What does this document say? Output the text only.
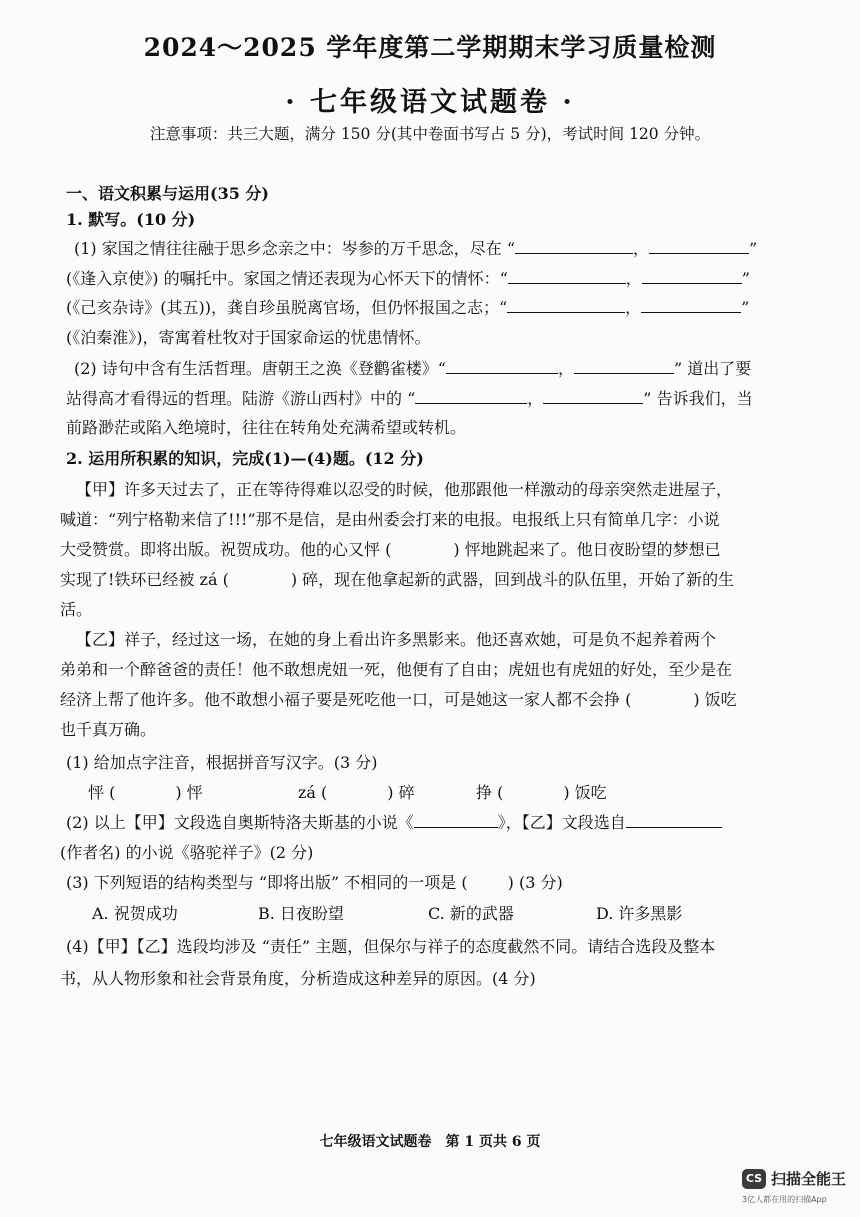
2024～2025 学年度第二学期期末学习质量检测
· 七年级语文试题卷 ·
注意事项：共三大题，满分 150 分(其中卷面书写占 5 分)，考试时间 120 分钟。
一、语文积累与运用(35 分)
1. 默写。(10 分)
(1) 家国之情往往融于思乡念亲之中：岑参的万千思念，尽在 “	，	”
(《逢入京使》) 的嘱托中。家国之情还表现为心怀天下的情怀：“	，	”
(《己亥杂诗》(其五))，龚自珍虽脱离官场，但仍怀报国之志；“	，	”
(《泊秦淮》)，寄寓着杜牧对于国家命运的忧患情怀。
(2) 诗句中含有生活哲理。唐朝王之涣《登鹳雀楼》“	，	” 道出了要
站得高才看得远的哲理。陆游《游山西村》中的 “	，	” 告诉我们，当
前路渺茫或陷入绝境时，往往在转角处充满希望或转机。
2. 运用所积累的知识，完成(1)—(4)题。(12 分)
【甲】许多天过去了，正在等待得难以忍受的时候，他那跟他一样激动的母亲突然走进屋子，
喊道：“列宁格勒来信了!!!”那不是信，是由州委会打来的电报。电报纸上只有简单几字：小说
大受赞赏。即将出版。祝贺成功。他的心又怦 (	) 怦地跳起来了。他日夜盼望的梦想已
实现了!铁环已经被 zá (	) 碎，现在他拿起新的武器，回到战斗的队伍里，开始了新的生
活。
【乙】祥子，经过这一场，在她的身上看出许多黑影来。他还喜欢她，可是负不起养着两个
弟弟和一个醉爸爸的责任！他不敢想虎妞一死，他便有了自由；虎妞也有虎妞的好处，至少是在
经济上帮了他许多。他不敢想小福子要是死吃他一口，可是她这一家人都不会挣 (	) 饭吃
也千真万确。
(1) 给加点字注音，根据拼音写汉字。(3 分)
怦 (	) 怦	zá (	) 碎	挣 (	) 饭吃
(2) 以上【甲】文段选自奥斯特洛夫斯基的小说《	》，【乙】文段选自
(作者名) 的小说《骆驼祥子》(2 分)
(3) 下列短语的结构类型与 “即将出版” 不相同的一项是 (	) (3 分)
A. 祝贺成功	B. 日夜盼望	C. 新的武器	D. 许多黑影
(4)【甲】【乙】选段均涉及 “责任” 主题，但保尔与祥子的态度截然不同。请结合选段及整本
书，从人物形象和社会背景角度，分析造成这种差异的原因。(4 分)
七年级语文试题卷　第 1 页共 6 页
CS 扫描全能王
3亿人都在用的扫描App
